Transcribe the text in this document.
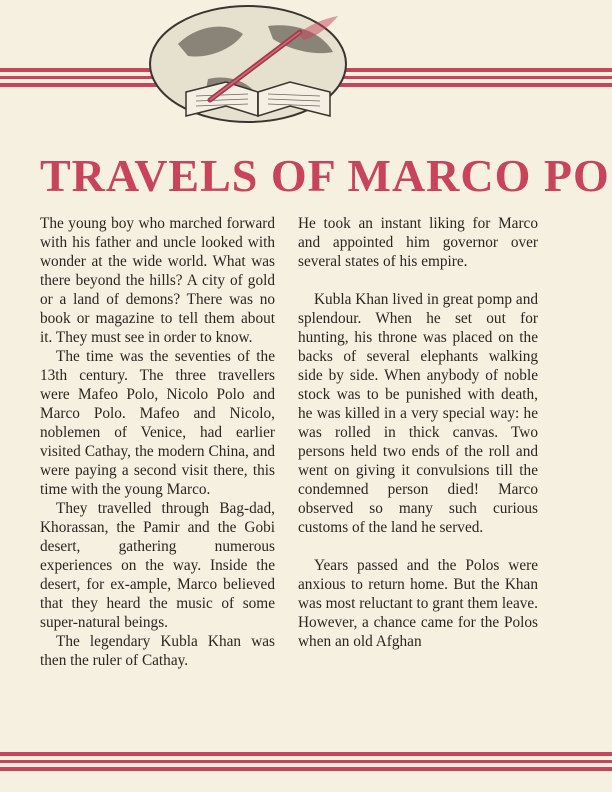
TRAVELS OF MARCO PO

The young boy who marched forward with his father and uncle looked with wonder at the wide world. What was there beyond the hills? A city of gold or a land of demons? There was no book or magazine to tell them about it. They must see in order to know.

The time was the seventies of the 13th century. The three travellers were Mafeo Polo, Nicolo Polo and Marco Polo. Mafeo and Nicolo, noblemen of Venice, had earlier visited Cathay, the modern China, and were paying a second visit there, this time with the young Marco.

They travelled through Bag-dad, Khorassan, the Pamir and the Gobi desert, gathering numerous experiences on the way. Inside the desert, for ex-ample, Marco believed that they heard the music of some super-natural beings.

The legendary Kubla Khan was then the ruler of Cathay.

He took an instant liking for Marco and appointed him governor over several states of his empire.

Kubla Khan lived in great pomp and splendour. When he set out for hunting, his throne was placed on the backs of several elephants walking side by side. When anybody of noble stock was to be punished with death, he was killed in a very special way: he was rolled in thick canvas. Two persons held two ends of the roll and went on giving it convulsions till the condemned person died! Marco observed so many such curious customs of the land he served.

Years passed and the Polos were anxious to return home. But the Khan was most reluctant to grant them leave. However, a chance came for the Polos when an old Afghan
